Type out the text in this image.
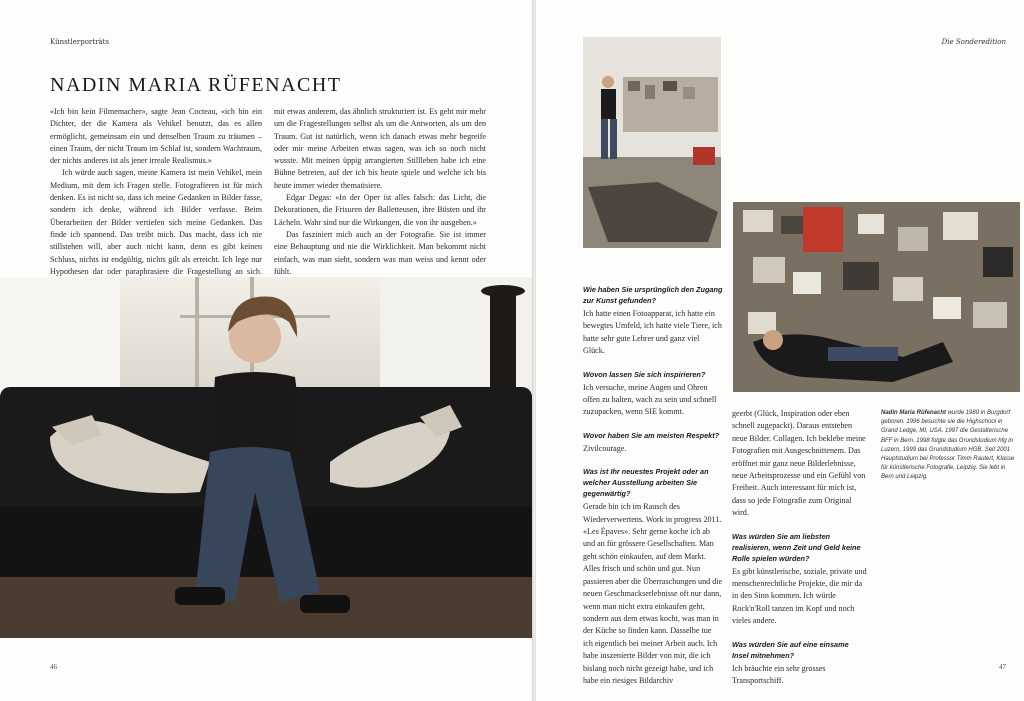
Künstlerporträts
NADIN MARIA RÜFENACHT

«Ich bin kein Filmemacher», sagte Jean Cocteau, «ich bin ein Dichter, der die Kamera als Vehikel benutzt, das es allen ermöglicht, gemeinsam ein und denselben Traum zu träumen – einen Traum, der nicht Traum im Schlaf ist, sondern Wachtraum, der nichts anderes ist als jener irreale Realismus.»

Ich würde auch sagen, meine Kamera ist mein Vehikel, mein Medium, mit dem ich Fragen stelle. Fotografieren ist für mich denken. Es ist nicht so, dass ich meine Gedanken in Bilder fasse, sondern ich denke, während ich Bilder verfasse. Beim Überarbeiten der Bilder vertiefen sich meine Gedanken. Das finde ich spannend. Das treibt mich. Das macht, dass ich nie stillstehen will, aber auch nicht kann, denn es gibt keinen Schluss, nichts ist endgültig, nichts gilt als erreicht. Ich lege nur Hypothesen dar oder paraphrasiere die Fragestellung an sich.

mit etwas anderem, das ähnlich strukturiert ist. Es geht mir mehr um die Fragestellungen selbst als um die Antworten, als um den Traum. Gut ist natürlich, wenn ich danach etwas mehr begreife oder mir meine Arbeiten etwas sagen, was ich so noch nicht wusste. Mit meinen üppig arrangierten Stillleben habe ich eine Bühne betreten, auf der ich bis heute spiele und welche ich bis heute immer wieder thematisiere.

Edgar Degas: «In der Oper ist alles falsch: das Licht, die Dekorationen, die Frisuren der Balletteusen, ihre Büsten und ihr Lächeln. Wahr sind nur die Wirkungen, die von ihr ausgehen.»

Das fasziniert mich auch an der Fotografie. Sie ist immer eine Behauptung und nie die Wirklichkeit. Man bekommt nicht einfach, was man sieht, sondern was man weiss und kennt oder fühlt.

46
Die Sonderedition

Wie haben Sie ursprünglich den Zugang zur Kunst gefunden?

Ich hatte einen Fotoapparat, ich hatte ein bewegtes Umfeld, ich hatte viele Tiere, ich hatte sehr gute Lehrer und ganz viel Glück.

Wovon lassen Sie sich inspirieren?

Ich versuche, meine Augen und Ohren offen zu halten, wach zu sein und schnell zuzupacken, wenn SIE kommt.

Wovor haben Sie am meisten Respekt?

Zivilcourage.

Was ist Ihr neuestes Projekt oder an welcher Ausstellung arbeiten Sie gegenwärtig?

Gerade bin ich im Rausch des Wiederverwertens. Work in progress 2011. «Les Épaves». Sehr gerne koche ich ab und an für grössere Gesellschaften. Man geht schön einkaufen, auf dem Markt. Alles frisch und schön und gut. Nun passieren aber die Überraschungen und die neuen Geschmackserlebnisse oft nur dann, wenn man nicht extra einkaufen geht, sondern aus dem etwas kocht, was man in der Küche so finden kann. Dasselbe tue ich eigentlich bei meiner Arbeit auch. Ich habe inszenierte Bilder von mir, die ich bislang noch nicht gezeigt habe, und ich habe ein riesiges Bildarchiv

geerbt (Glück, Inspiration oder eben schnell zugepackt). Daraus entstehen neue Bilder. Collagen. Ich beklebe meine Fotografien mit Ausgeschnittenem. Das eröffnet mir ganz neue Bilderlebnisse, neue Arbeitsprozesse und ein Gefühl von Freiheit. Auch interessant für mich ist, dass so jede Fotografie zum Original wird.

Was würden Sie am liebsten realisieren, wenn Zeit und Geld keine Rolle spielen würden?

Es gibt künstlerische, soziale, private und menschenrechtliche Projekte, die mir da in den Sinn kommen. Ich würde Rock'n'Roll tanzen im Kopf und noch vieles andere.

Was würden Sie auf eine einsame Insel mitnehmen?

Ich bräuchte ein sehr grosses Transportschiff.

Nadin Maria Rüfenacht wurde 1980 in Burgdorf geboren. 1996 besuchte sie die Highschool in Grand Ledge, MI, USA. 1997 die Gestalterische BFF in Bern. 1998 folgte das Grundstudium hfg in Luzern, 1999 das Grundstudium HGB. Seit 2001 Hauptstudium bei Professor Timm Rautert, Klasse für künstlerische Fotografie, Leipzig. Sie lebt in Bern und Leipzig.
47
